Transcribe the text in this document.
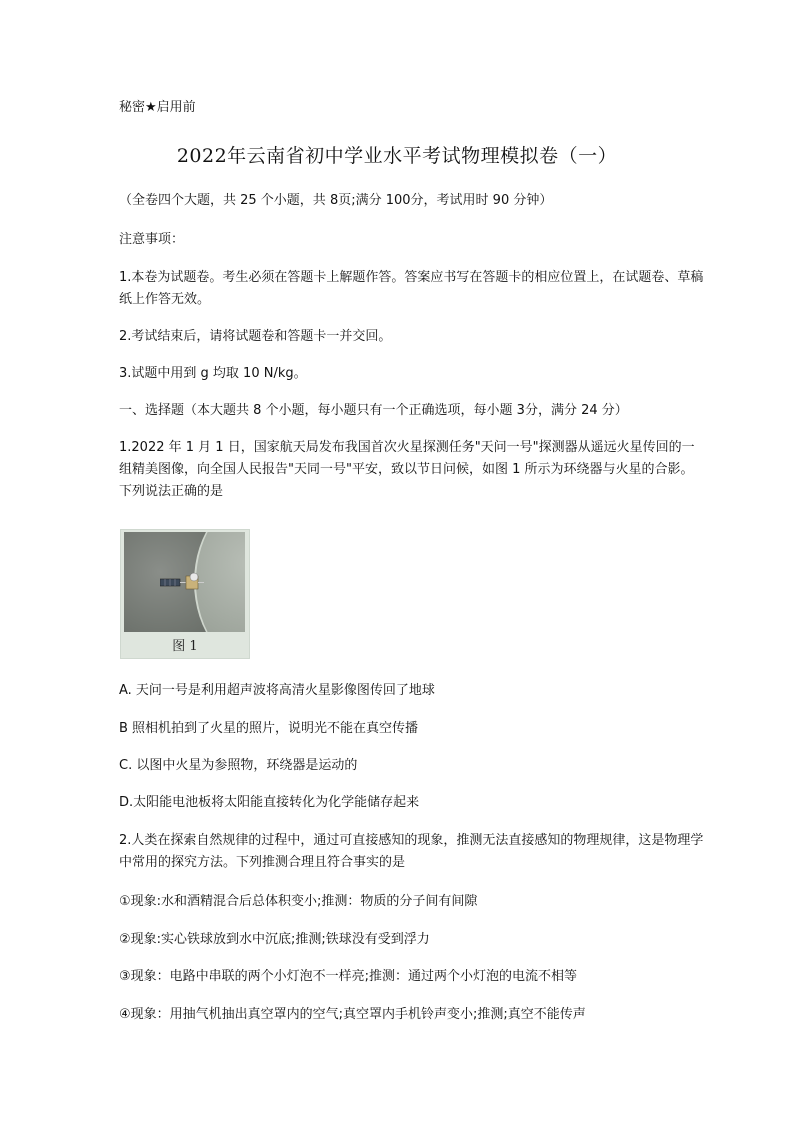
秘密★启用前
2022年云南省初中学业水平考试物理模拟卷（一）
（全卷四个大题，共 25 个小题，共 8页;满分 100分，考试用时 90 分钟）
注意事项：
1.本卷为试题卷。考生必须在答题卡上解题作答。答案应书写在答题卡的相应位置上，在试题卷、草稿纸上作答无效。
2.考试结束后，请将试题卷和答题卡一并交回。
3.试题中用到 g 均取 10 N/kg。
一、选择题（本大题共 8 个小题，每小题只有一个正确选项，每小题 3分，满分 24 分）
1.2022 年 1 月 1 日，国家航天局发布我国首次火星探测任务"天问一号"探测器从遥远火星传回的一组精美图像，向全国人民报告"天同一号"平安，致以节日问候，如图 1 所示为环绕器与火星的合影。下列说法正确的是
图 1
A. 天问一号是利用超声波将高清火星影像图传回了地球
B 照相机拍到了火星的照片，说明光不能在真空传播
C. 以图中火星为参照物，环绕器是运动的
D.太阳能电池板将太阳能直接转化为化学能储存起来
2.人类在探索自然规律的过程中，通过可直接感知的现象，推测无法直接感知的物理规律，这是物理学中常用的探究方法。下列推测合理且符合事实的是
①现象:水和酒精混合后总体积变小;推测：物质的分子间有间隙
②现象:实心铁球放到水中沉底;推测;铁球没有受到浮力
③现象：电路中串联的两个小灯泡不一样亮;推测：通过两个小灯泡的电流不相等
④现象：用抽气机抽出真空罩内的空气;真空罩内手机铃声变小;推测;真空不能传声
